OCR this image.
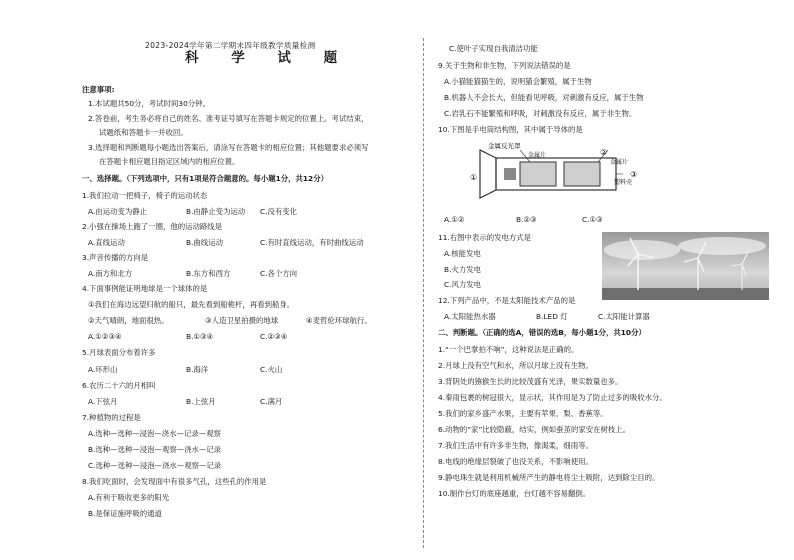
2023-2024学年第二学期末四年级教学质量检测
科 学 试 题
注意事项:
1.本试题共50分，考试时间30分钟。
2.答卷前，考生务必将自己的姓名、准考证号填写在答题卡规定的位置上。考试结束，
试题纸和答题卡一并收回。
3.选择题和判断题每小题选出答案后，请涂写在答题卡的相应位置；其他题要求必须写
在答题卡相应题目指定区域内的相应位置。
一、选择题。（下列选项中，只有1项是符合题意的。每小题1分，共12分）
1.我们拉动一把椅子，椅子的运动状态
A.由运动变为静止	B.由静止变为运动 C.没有变化
2.小强在操场上跑了一圈，他的运动路线是
A.直线运动	B.曲线运动	C.有时直线运动，有时曲线运动
3.声音传播的方向是
A.南方和北方	B.东方和西方	C.各个方向
4.下面事例能证明地球是一个球体的是
①我们在海边远望归航的船只，最先看到船桅杆，再看到船身。
②天气晴朗，地面很热。	③人造卫星拍摄的地球	④麦哲伦环球航行。
A.①②③④	B.①③④	C.②③④
5.月球表面分布着许多
A.环形山	B.海洋	C.火山
6.农历二十六的月相叫
A.下弦月	B.上弦月	C.满月
7.种植物的过程是
A.选种—选种—浸泡—浇水—记录—观察
B.选种—选种—浸泡—观察—浇水—记录
C.选种—选种—浸泡—浇水—观察—记录
8.我们吃面时，会发现面中有很多气孔，这些孔的作用是
A.有利于吸收更多的阳光
B.是保证施呼吸的通道
C.使叶子实现自我清洁功能
9.关于生物和非生物，下列说法错误的是
A.小猫能猫猫生的，说明猫会繁殖，属于生物
B.机器人不会长大，但能看见呼吸，对刺激有反应，属于生物
C.岩乳石不能繁殖和呼吸，对刺激没有反应，属于非生物。
10.下图是手电筒结构图，其中属于导体的是
A.①②	B.②③	C.①③
11.右图中表示的发电方式是
A.核能发电
B.火力发电
C.风力发电
12.下列产品中，不是太阳能技术产品的是
A.太阳能热水器	B.LED 灯	C.太阳能计算器
二、判断题。（正确的选A，错误的选B，每小题1分，共10分）
1.“一个巴掌拍不响”，这种说法是正确的。
2.月球上没有空气和水，所以月球上没有生物。
3.背阴处的猕猴生长的比较茂盛有光泽，果实数量也多。
4.秦雨包裹的树冠很大，显示状，其作用是为了防止过多的吸收水分。
5.我们的家乡盛产水果，主要有苹果、梨、香蕉等。
6.动物的“家”比较隐蔽，结实，例如蚕茧的家安在树枝上。
7.我们生活中有许多非生物，像渴柔，细雨等。
8.电线的绝缘层裂破了也没关系，不影响使用。
9.静电珠生就是利用机械所产生的静电将尘土吸附，达到除尘目的。
10.制作台灯的底座越重，台灯越不容易翻倒。
金属反光罩
①
②
③
金属片
金属片
塑料壳
